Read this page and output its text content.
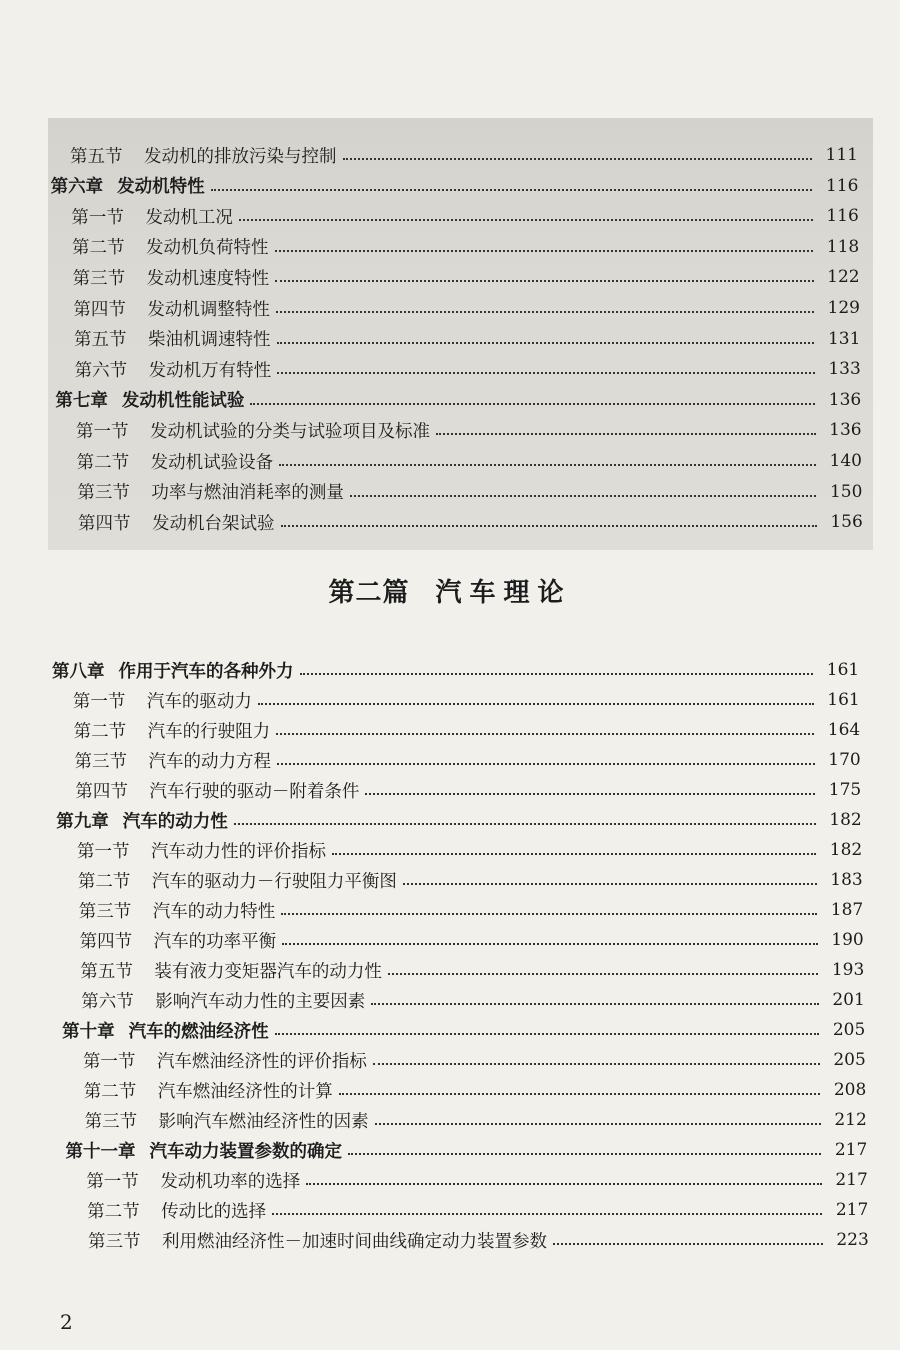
第五节 发动机的排放污染与控制	111
第六章 发动机特性	116
第一节 发动机工况	116
第二节 发动机负荷特性	118
第三节 发动机速度特性	122
第四节 发动机调整特性	129
第五节 柴油机调速特性	131
第六节 发动机万有特性	133
第七章 发动机性能试验	136
第一节 发动机试验的分类与试验项目及标准	136
第二节 发动机试验设备	140
第三节 功率与燃油消耗率的测量	150
第四节 发动机台架试验	156
第二篇 汽车理论
第八章 作用于汽车的各种外力	161
第一节 汽车的驱动力	161
第二节 汽车的行驶阻力	164
第三节 汽车的动力方程	170
第四节 汽车行驶的驱动－附着条件	175
第九章 汽车的动力性	182
第一节 汽车动力性的评价指标	182
第二节 汽车的驱动力－行驶阻力平衡图	183
第三节 汽车的动力特性	187
第四节 汽车的功率平衡	190
第五节 装有液力变矩器汽车的动力性	193
第六节 影响汽车动力性的主要因素	201
第十章 汽车的燃油经济性	205
第一节 汽车燃油经济性的评价指标	205
第二节 汽车燃油经济性的计算	208
第三节 影响汽车燃油经济性的因素	212
第十一章 汽车动力装置参数的确定	217
第一节 发动机功率的选择	217
第二节 传动比的选择	217
第三节 利用燃油经济性－加速时间曲线确定动力装置参数	223
2
